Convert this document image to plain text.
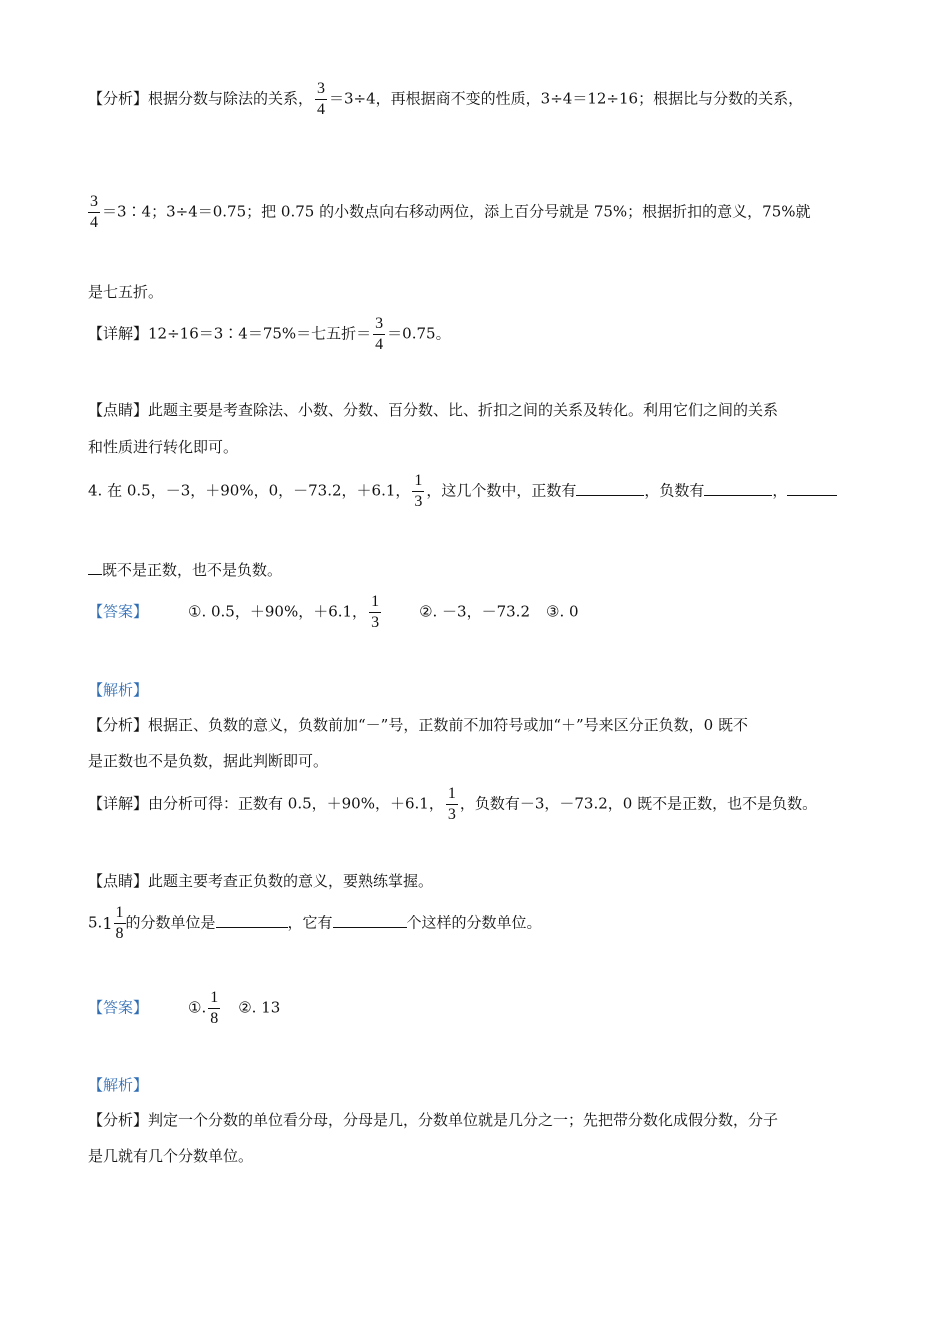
【分析】根据分数与除法的关系， $\frac{3}{4} =3\div 4$，再根据商不变的性质，3÷4＝12÷16；根据比与分数的关系，
$\frac{3}{4}$ ＝3∶4；3÷4＝0.75；把 0.75 的小数点向右移动两位，添上百分号就是 75%；根据折扣的意义，75%就
是七五折。
【详解】12÷16＝3∶4＝75%＝七五折＝ $\frac{3}{4} =0.75$。
【点睛】此题主要是考查除法、小数、分数、百分数、比、折扣之间的关系及转化。利用它们之间的关系
和性质进行转化即可。
4. 在 0.5，－3，＋90%，0，－73.2，＋6.1， $\frac{1}{3}$ ，这几个数中，正数有	，负数有	，
既不是正数，也不是负数。
【答案】	①. 0.5，＋90%，＋6.1， $\frac{1}{3}$	②. －3，－73.2 ③. 0
【解析】
【分析】根据正、负数的意义，负数前加“－”号，正数前不加符号或加“＋”号来区分正负数，0 既不
是正数也不是负数，据此判断即可。
【详解】由分析可得：正数有 0.5，＋90%，＋6.1， $\frac{1}{3}$ ，负数有－3，－73.2，0 既不是正数，也不是负数。
【点睛】此题主要考查正负数的意义，要熟练掌握。
$5.1 \frac{1}{8}$ 的分数单位是	，它有	个这样的分数单位。
【答案】	①. $\frac{1}{8}$ ②. 13
【解析】
【分析】判定一个分数的单位看分母，分母是几，分数单位就是几分之一；先把带分数化成假分数，分子
是几就有几个分数单位。
